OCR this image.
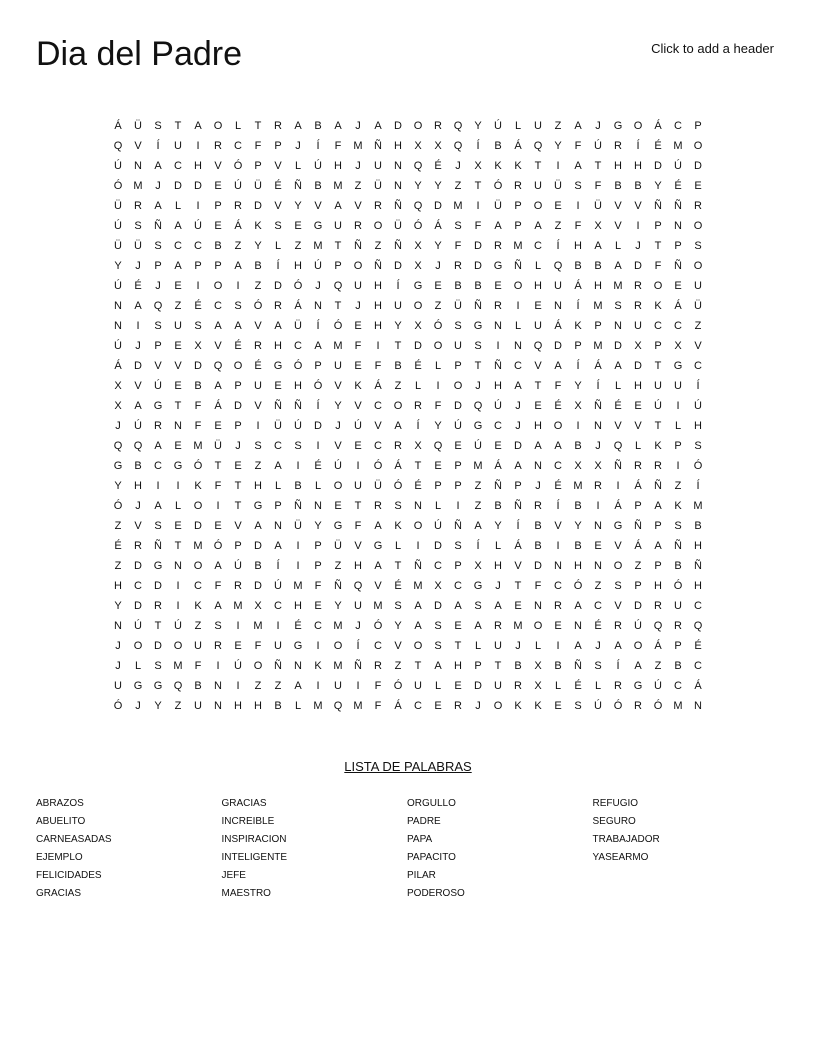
Dia del Padre	Click to add a header
Á	Ü	S	T	A	O	L	T	R	A	B	A	J	A	D	O	R	Q	Y	Ú	L	U	Z	A	J	G	O	Á	C	P
Q	V	Í	U	I	R	C	F	P	J	Í	F	M	Ñ	H	X	X	Q	Í	B	Á	Q	Y	F	Ú	R	Í	É	M	O
Ú	N	A	C	H	V	Ó	P	V	L	Ú	H	J	U	N	Q	É	J	X	K	K	T	I	A	T	H	H	D	Ú	D
Ó	M	J	D	D	E	Ú	Ü	É	Ñ	B	M	Z	Ü	N	Y	Y	Z	T	Ó	R	U	Ü	S	F	B	B	Y	É	E
Ü	R	A	L	I	P	R	D	V	Y	V	A	V	R	Ñ	Q	D	M	I	Ü	P	O	E	I	Ü	V	V	Ñ	Ñ	R
Ú	S	Ñ	A	Ú	E	Á	K	S	E	G	U	R	O	Ü	Ó	Á	S	F	A	P	A	Z	F	X	V	I	P	N	O
Ü	Ü	S	C	C	B	Z	Y	L	Z	M	T	Ñ	Z	Ñ	X	Y	F	D	R	M	C	Í	H	A	L	J	T	P	S
Y	J	P	A	P	P	A	B	Í	H	Ú	P	O	Ñ	D	X	J	R	D	G	Ñ	L	Q	B	B	A	D	F	Ñ	O
Ú	É	J	E	I	O	I	Z	D	Ó	J	Q	U	H	Í	G	E	B	B	E	O	H	U	Á	H	M	R	O	E	U
N	A	Q	Z	É	C	S	Ó	R	Á	N	T	J	H	U	O	Z	Ü	Ñ	R	I	E	N	Í	M	S	R	K	Á	Ü
N	I	S	U	S	A	A	V	A	Ü	Í	Ó	E	H	Y	X	Ó	S	G	N	L	U	Á	K	P	N	U	C	C	Z
Ú	J	P	E	X	V	É	R	H	C	A	M	F	I	T	D	O	U	S	I	N	Q	D	P	M	D	X	P	X	V
Á	D	V	V	D	Q	O	É	G	Ó	P	U	E	F	B	É	L	P	T	Ñ	C	V	A	Í	Á	A	D	T	G	C
X	V	Ú	E	B	A	P	U	E	H	Ó	V	K	Á	Z	L	I	O	J	H	A	T	F	Y	Í	L	H	U	U	Í
X	A	G	T	F	Á	D	V	Ñ	Ñ	Í	Y	V	C	O	R	F	D	Q	Ú	J	E	É	X	Ñ	É	E	Ú	I	Ú
J	Ú	R	N	F	E	P	I	Ü	Ú	D	J	Ú	V	A	Í	Y	Ú	G	C	J	H	O	I	N	V	V	T	L	H
Q	Q	A	E	M	Ü	J	S	C	S	I	V	E	C	R	X	Q	E	Ú	E	D	A	A	B	J	Q	L	K	P	S
G	B	C	G	Ó	T	E	Z	A	I	É	Ú	I	Ó	Á	T	E	P	M	Á	A	N	C	X	X	Ñ	R	R	I	Ó
Y	H	I	I	K	F	T	H	L	B	L	O	U	Ü	Ó	É	P	P	Z	Ñ	P	J	É	M	R	I	Á	Ñ	Z	Í
Ó	J	A	L	O	I	T	G	P	Ñ	N	E	T	R	S	N	L	I	Z	B	Ñ	R	Í	B	I	Á	P	A	K	M
Z	V	S	E	D	E	V	A	N	Ü	Y	G	F	A	K	O	Ú	Ñ	A	Y	Í	B	V	Y	N	G	Ñ	P	S	B
É	R	Ñ	T	M	Ó	P	D	A	I	P	Ü	V	G	L	I	D	S	Í	L	Á	B	I	B	E	V	Á	A	Ñ	H
Z	D	G	N	O	A	Ú	B	Í	I	P	Z	H	A	T	Ñ	C	P	X	H	V	D	N	H	N	O	Z	P	B	Ñ
H	C	D	I	C	F	R	D	Ú	M	F	Ñ	Q	V	É	M	X	C	G	J	T	F	C	Ó	Z	S	P	H	Ó	H
Y	D	R	I	K	A	M	X	C	H	E	Y	U	M	S	A	D	A	S	A	E	N	R	A	C	V	D	R	U	C
N	Ú	T	Ú	Z	S	I	M	I	É	C	M	J	Ó	Y	A	S	E	A	R	M	O	E	N	É	R	Ú	Q	R	Q
J	O	D	O	U	R	E	F	U	G	I	O	Í	C	V	O	S	T	L	U	J	L	I	A	J	A	O	Á	P	É
J	L	S	M	F	I	Ú	O	Ñ	N	K	M	Ñ	R	Z	T	A	H	P	T	B	X	B	Ñ	S	Í	A	Z	B	C
U	G	G	Q	B	N	I	Z	Z	A	I	U	I	F	Ó	U	L	E	D	U	R	X	L	É	L	R	G	Ú	C	Á
Ó	J	Y	Z	U	N	H	H	B	L	M	Q	M	F	Á	C	E	R	J	O	K	K	E	S	Ú	Ó	R	Ó	M	N
LISTA DE PALABRAS
ABRAZOS
ABUELITO
CARNEASADAS
EJEMPLO
FELICIDADES
GRACIAS
GRACIAS
INCREIBLE
INSPIRACION
INTELIGENTE
JEFE
MAESTRO
ORGULLO
PADRE
PAPA
PAPACITO
PILAR
PODEROSO
REFUGIO
SEGURO
TRABAJADOR
YASEARMO
